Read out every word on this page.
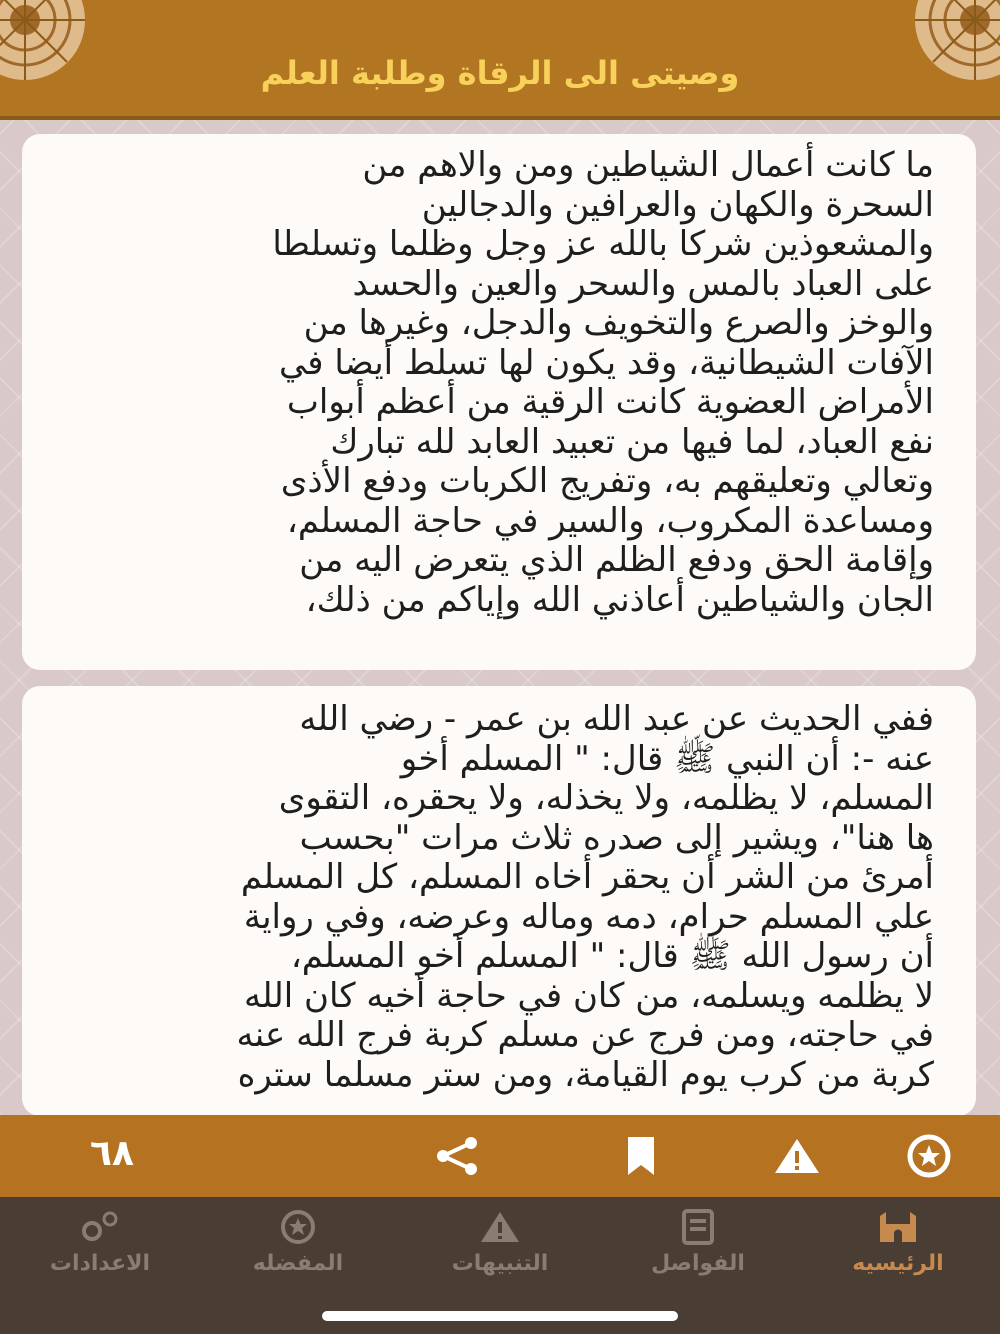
وصيتى الى الرقاة وطلبة العلم

ما كانت أعمال الشياطين ومن والاهم من
السحرة والكهان والعرافين والدجالين
والمشعوذين شركا بالله عز وجل وظلما وتسلطا
على العباد بالمس والسحر والعين والحسد
والوخز والصرع والتخويف والدجل، وغيرها من
الآفات الشيطانية، وقد يكون لها تسلط أيضا في
الأمراض العضوية كانت الرقية من أعظم أبواب
نفع العباد، لما فيها من تعبيد العابد لله تبارك
وتعالي وتعليقهم به، وتفريج الكربات ودفع الأذى
ومساعدة المكروب، والسير في حاجة المسلم،
وإقامة الحق ودفع الظلم الذي يتعرض اليه من
الجان والشياطين أعاذني الله وإياكم من ذلك،

ففي الحديث عن عبد الله بن عمر - رضي الله
عنه -: أن النبي ﷺ قال: " المسلم أخو
المسلم، لا يظلمه، ولا يخذله، ولا يحقره، التقوى
ها هنا"، ويشير إلى صدره ثلاث مرات "بحسب
أمرئ من الشر أن يحقر أخاه المسلم، كل المسلم
علي المسلم حرام، دمه وماله وعرضه، وفي رواية
أن رسول الله ﷺ قال: " المسلم أخو المسلم،
لا يظلمه ويسلمه، من كان في حاجة أخيه كان الله
في حاجته، ومن فرج عن مسلم كربة فرج الله عنه
كربة من كرب يوم القيامة، ومن ستر مسلما ستره

٦٨
الاعدادات	المفضله	التنبيهات	الفواصل	الرئيسيه
